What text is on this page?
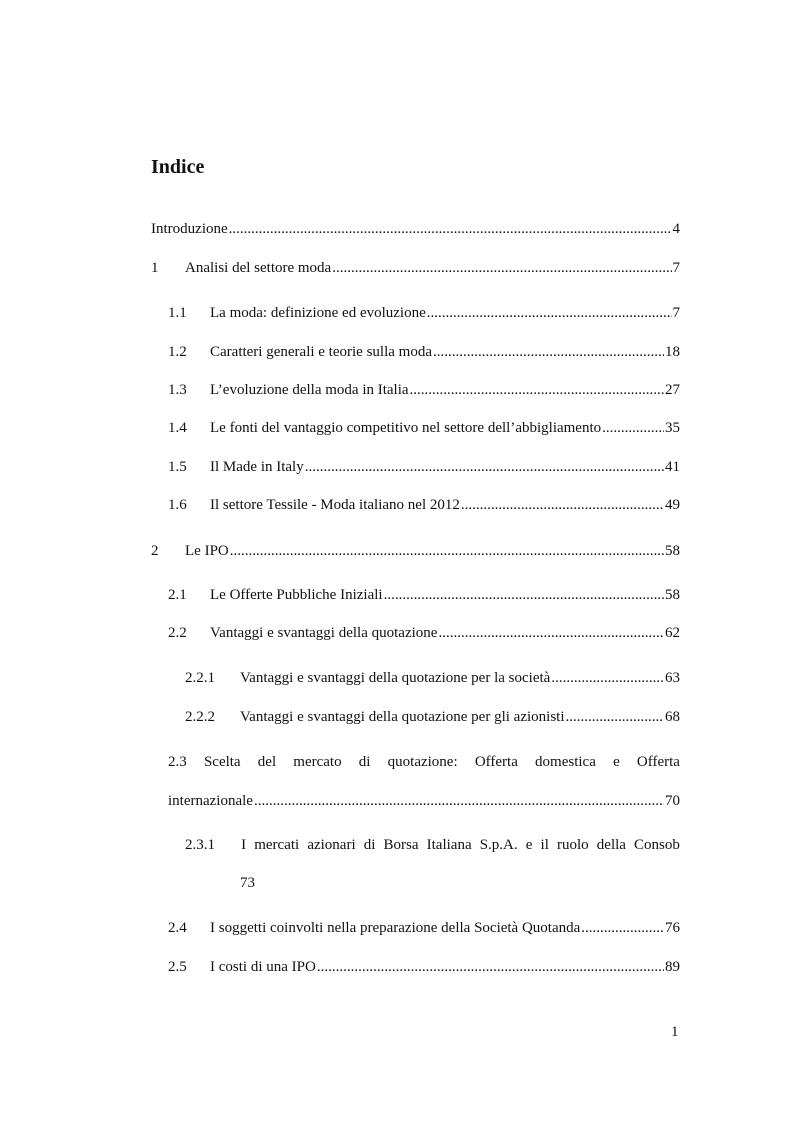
Indice
Introduzione .....	4
1	Analisi del settore moda .....	7
1.1	La moda: definizione ed evoluzione .....	7
1.2	Caratteri generali e teorie sulla moda .....	18
1.3	L’evoluzione della moda in Italia .....	27
1.4	Le fonti del vantaggio competitivo nel settore dell’abbigliamento .....	35
1.5	Il Made in Italy .....	41
1.6	Il settore Tessile - Moda italiano nel 2012 .....	49
2	Le IPO .....	58
2.1	Le Offerte Pubbliche Iniziali .....	58
2.2	Vantaggi e svantaggi della quotazione .....	62
2.2.1	Vantaggi e svantaggi della quotazione per la società .....	63
2.2.2	Vantaggi e svantaggi della quotazione per gli azionisti .....	68
2.3 Scelta del mercato di quotazione: Offerta domestica e Offerta
internazionale .....	70
2.3.1	I mercati azionari di Borsa Italiana S.p.A. e il ruolo della Consob
73
2.4	I soggetti coinvolti nella preparazione della Società Quotanda .....	76
2.5	I costi di una IPO .....	89
1
